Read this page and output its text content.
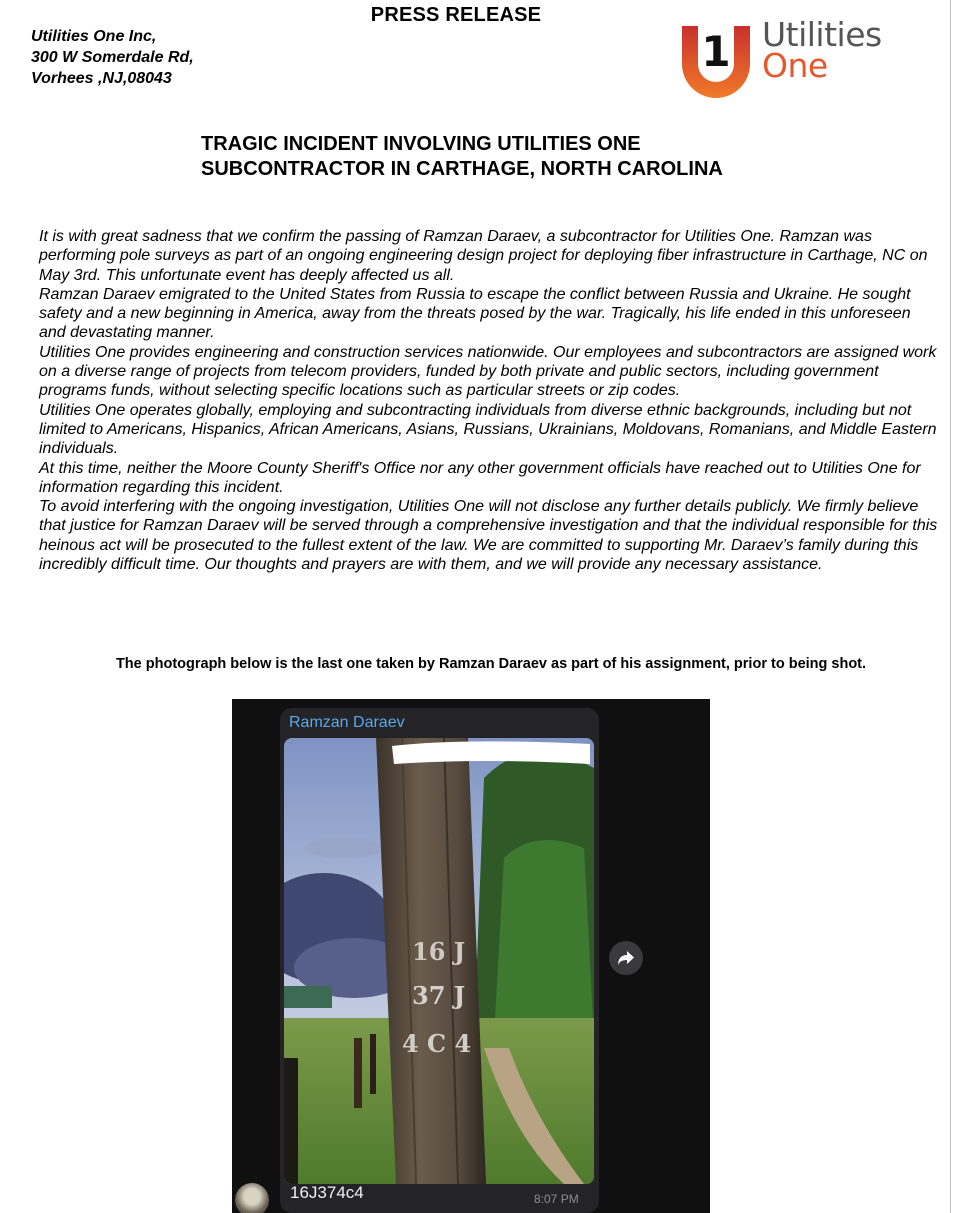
PRESS RELEASE
Utilities One Inc,
300 W Somerdale Rd,
Vorhees ,NJ,08043
1 Utilities
One
TRAGIC INCIDENT INVOLVING UTILITIES ONE
SUBCONTRACTOR IN CARTHAGE, NORTH CAROLINA

It is with great sadness that we confirm the passing of Ramzan Daraev, a subcontractor for Utilities One. Ramzan was performing pole surveys as part of an ongoing engineering design project for deploying fiber infrastructure in Carthage, NC on May 3rd. This unfortunate event has deeply affected us all.

Ramzan Daraev emigrated to the United States from Russia to escape the conflict between Russia and Ukraine. He sought safety and a new beginning in America, away from the threats posed by the war. Tragically, his life ended in this unforeseen and devastating manner.

Utilities One provides engineering and construction services nationwide. Our employees and subcontractors are assigned work on a diverse range of projects from telecom providers, funded by both private and public sectors, including government programs funds, without selecting specific locations such as particular streets or zip codes.

Utilities One operates globally, employing and subcontracting individuals from diverse ethnic backgrounds, including but not limited to Americans, Hispanics, African Americans, Asians, Russians, Ukrainians, Moldovans, Romanians, and Middle Eastern individuals.

At this time, neither the Moore County Sheriff's Office nor any other government officials have reached out to Utilities One for information regarding this incident.

To avoid interfering with the ongoing investigation, Utilities One will not disclose any further details publicly. We firmly believe that justice for Ramzan Daraev will be served through a comprehensive investigation and that the individual responsible for this heinous act will be prosecuted to the fullest extent of the law. We are committed to supporting Mr. Daraev’s family during this incredibly difficult time. Our thoughts and prayers are with them, and we will provide any necessary assistance.

The photograph below is the last one taken by Ramzan Daraev as part of his assignment, prior to being shot.
Ramzan Daraev
16 J
37 J
4 C 4
16J374c4	8:07 PM
